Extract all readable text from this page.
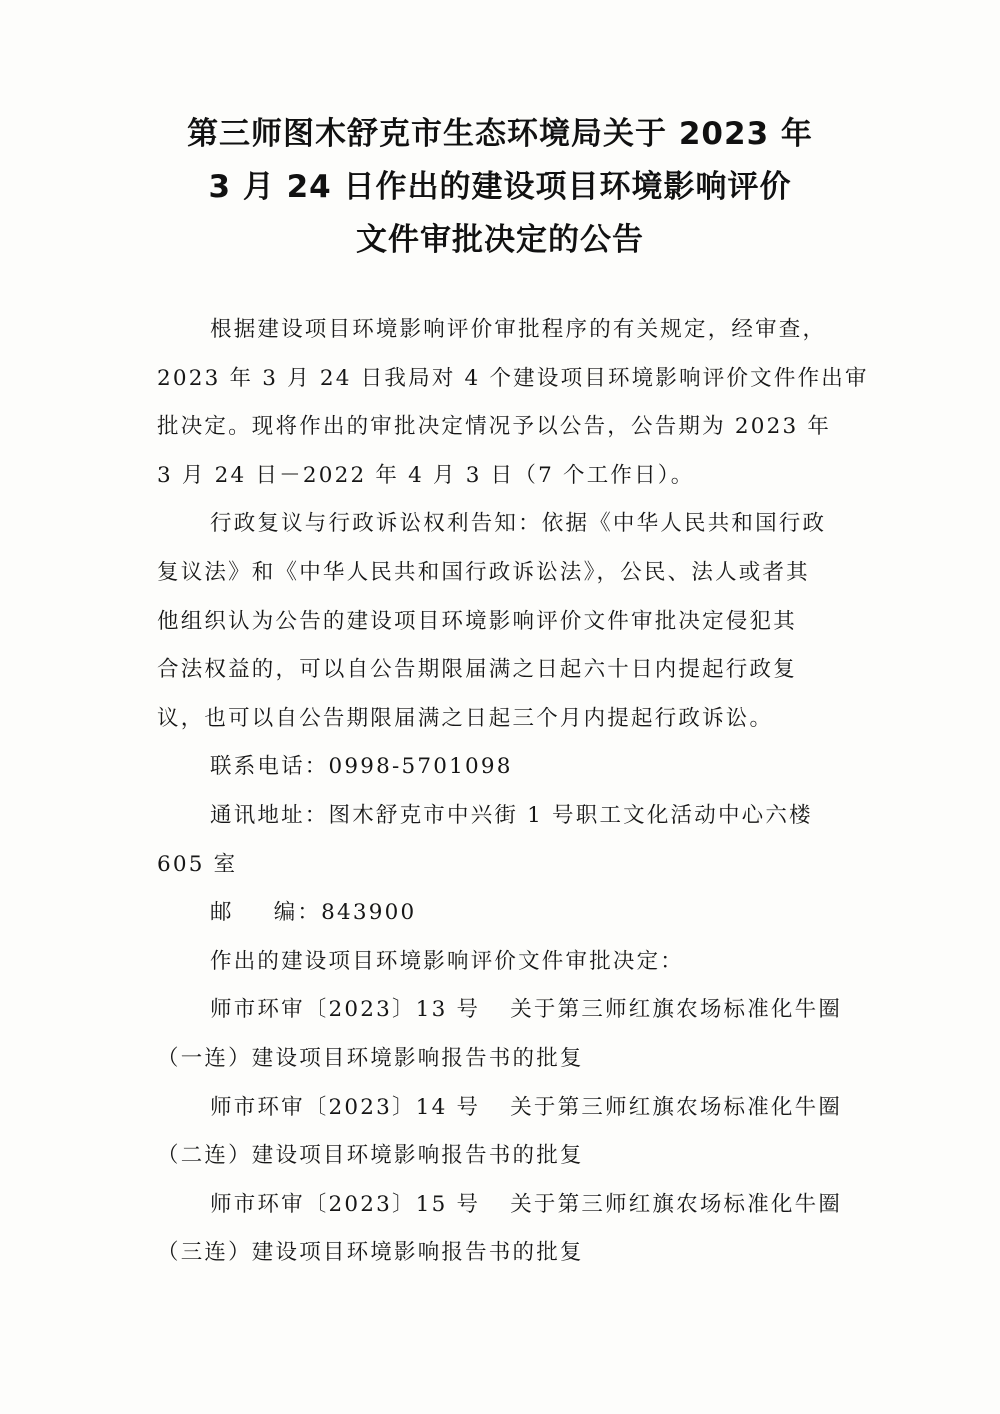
第三师图木舒克市生态环境局关于 2023 年
3 月 24 日作出的建设项目环境影响评价
文件审批决定的公告
根据建设项目环境影响评价审批程序的有关规定，经审查，
2023 年 3 月 24 日我局对 4 个建设项目环境影响评价文件作出审
批决定。现将作出的审批决定情况予以公告，公告期为 2023 年
3 月 24 日－2022 年 4 月 3 日（7 个工作日）。
行政复议与行政诉讼权利告知：依据《中华人民共和国行政
复议法》和《中华人民共和国行政诉讼法》，公民、法人或者其
他组织认为公告的建设项目环境影响评价文件审批决定侵犯其
合法权益的，可以自公告期限届满之日起六十日内提起行政复
议，也可以自公告期限届满之日起三个月内提起行政诉讼。
联系电话：0998-5701098
通讯地址：图木舒克市中兴街 1 号职工文化活动中心六楼
605 室
邮 编：843900
作出的建设项目环境影响评价文件审批决定：
师市环审〔2023〕13 号 关于第三师红旗农场标准化牛圈
（一连）建设项目环境影响报告书的批复
师市环审〔2023〕14 号 关于第三师红旗农场标准化牛圈
（二连）建设项目环境影响报告书的批复
师市环审〔2023〕15 号 关于第三师红旗农场标准化牛圈
（三连）建设项目环境影响报告书的批复
